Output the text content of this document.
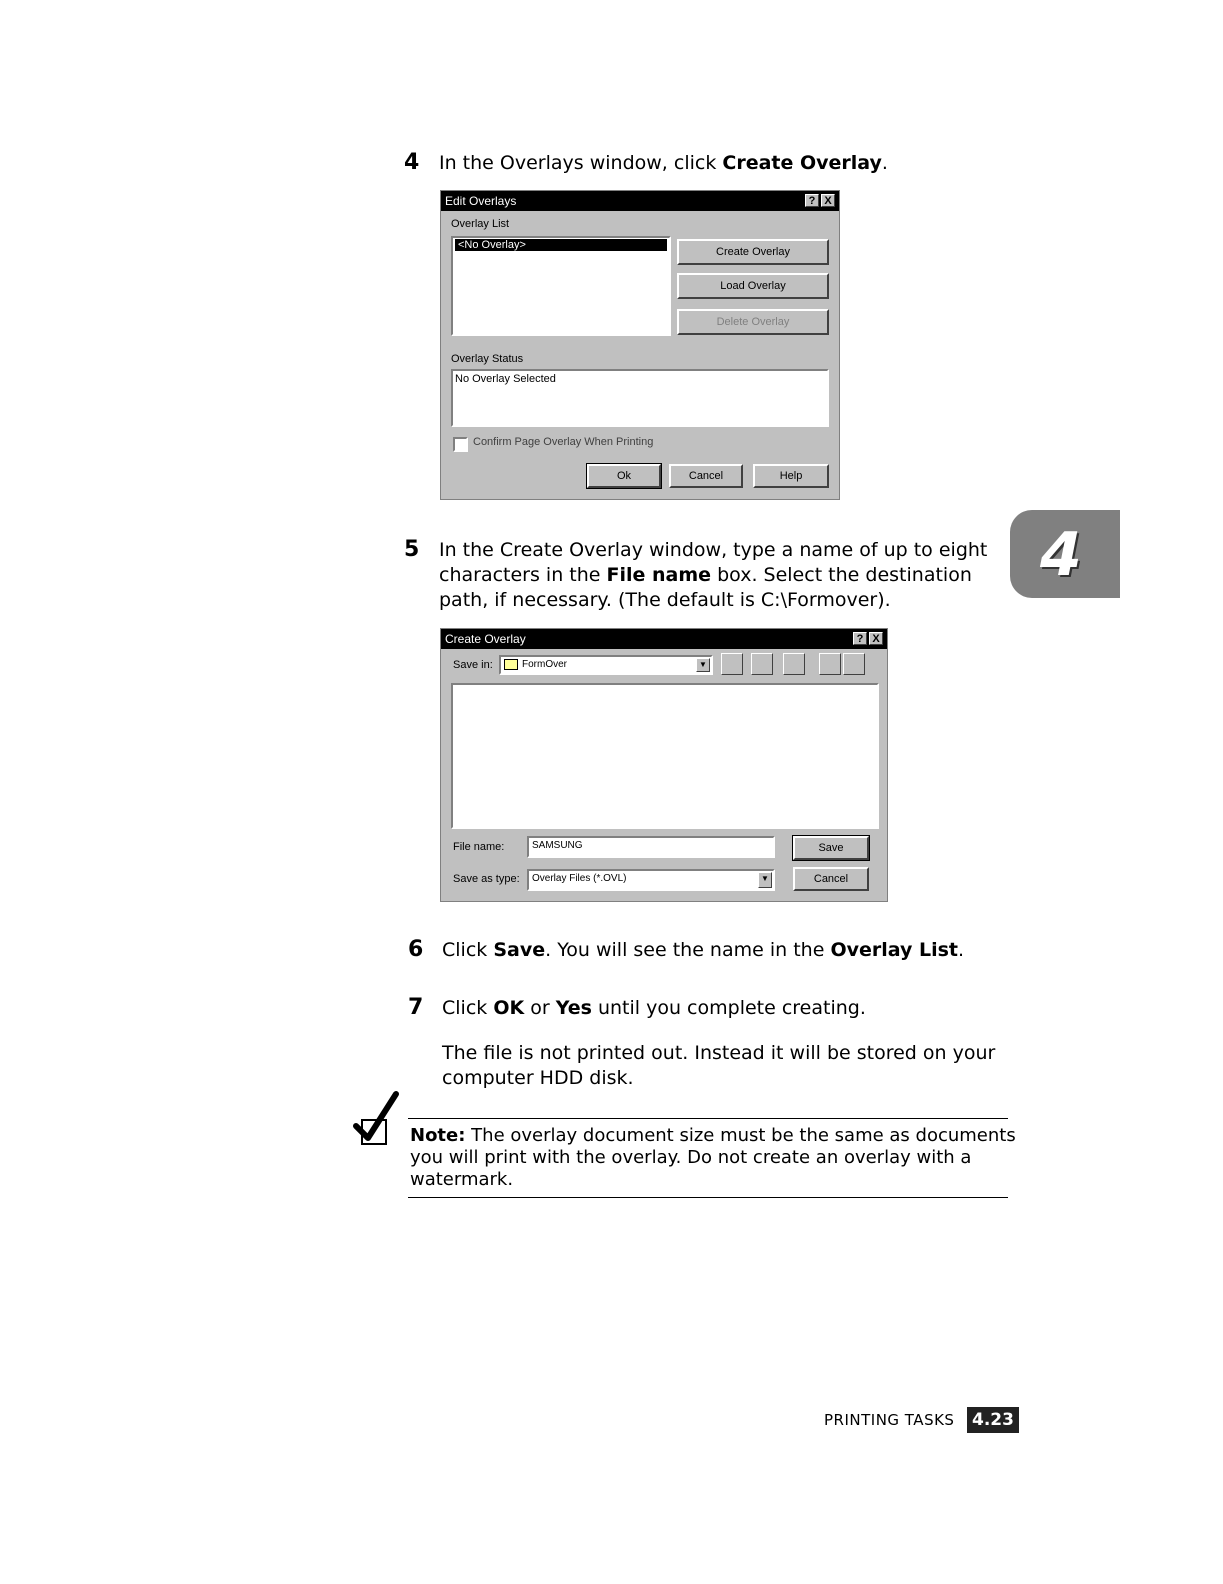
4 In the Overlays window, click Create Overlay.
Edit Overlays	? X
Overlay List
<No Overlay>
Create Overlay
Load Overlay
Delete Overlay
Overlay Status
No Overlay Selected
Confirm Page Overlay When Printing
Ok	Cancel	Help
5 In the Create Overlay window, type a name of up to eight
characters in the File name box. Select the destination
path, if necessary. (The default is C:\Formover).
4
Create Overlay	? X
Save in:	FormOver	▼
File name:	SAMSUNG	Save
Save as type:	Overlay Files (*.OVL)	▼	Cancel
6 Click Save. You will see the name in the Overlay List.
7 Click OK or Yes until you complete creating.
The file is not printed out. Instead it will be stored on your
computer HDD disk.
Note: The overlay document size must be the same as documents
you will print with the overlay. Do not create an overlay with a
watermark.
PRINTING TASKS 4.23
